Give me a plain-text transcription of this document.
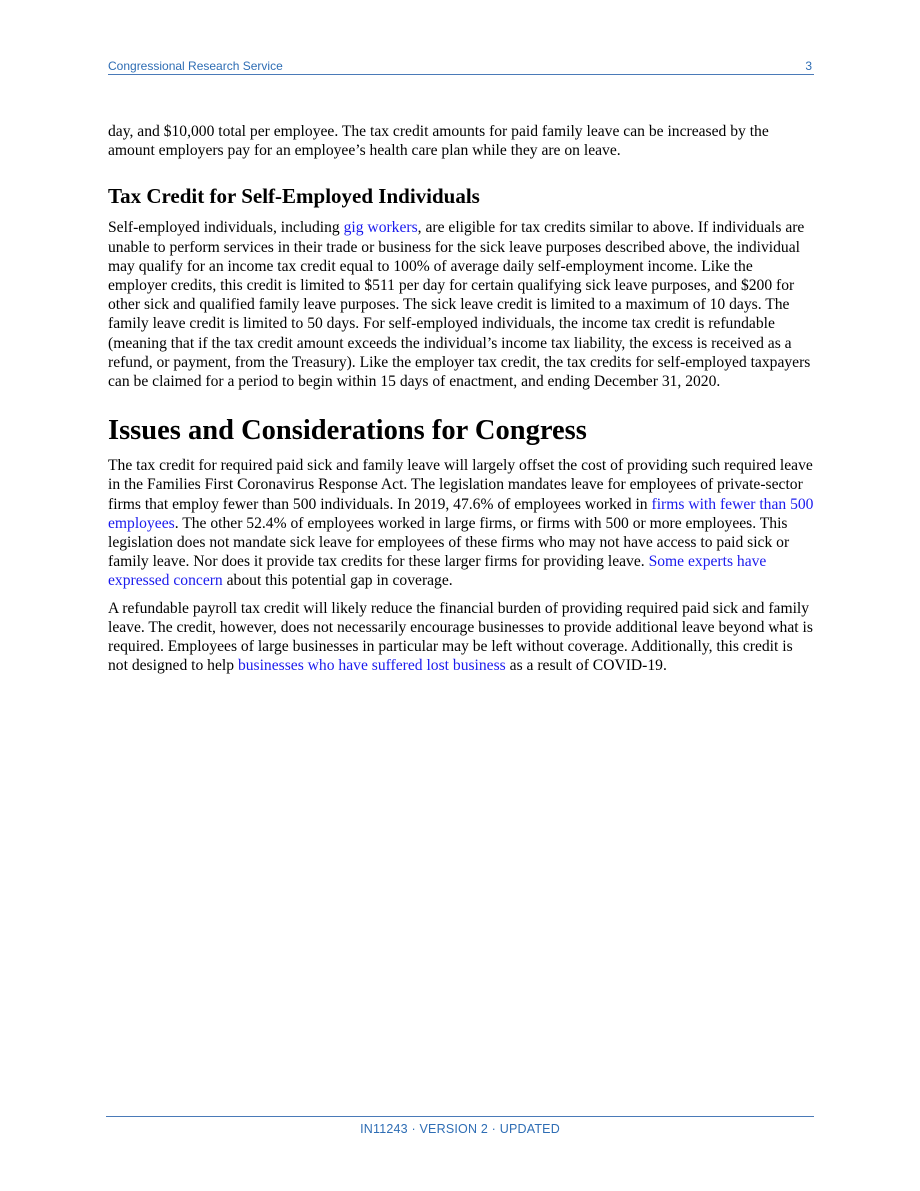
Congressional Research Service	3

day, and $10,000 total per employee. The tax credit amounts for paid family leave can be increased by the amount employers pay for an employee’s health care plan while they are on leave.

Tax Credit for Self-Employed Individuals

Self-employed individuals, including gig workers, are eligible for tax credits similar to above. If individuals are unable to perform services in their trade or business for the sick leave purposes described above, the individual may qualify for an income tax credit equal to 100% of average daily self-employment income. Like the employer credits, this credit is limited to $511 per day for certain qualifying sick leave purposes, and $200 for other sick and qualified family leave purposes. The sick leave credit is limited to a maximum of 10 days. The family leave credit is limited to 50 days. For self-employed individuals, the income tax credit is refundable (meaning that if the tax credit amount exceeds the individual’s income tax liability, the excess is received as a refund, or payment, from the Treasury). Like the employer tax credit, the tax credits for self-employed taxpayers can be claimed for a period to begin within 15 days of enactment, and ending December 31, 2020.

Issues and Considerations for Congress

The tax credit for required paid sick and family leave will largely offset the cost of providing such required leave in the Families First Coronavirus Response Act. The legislation mandates leave for employees of private-sector firms that employ fewer than 500 individuals. In 2019, 47.6% of employees worked in firms with fewer than 500 employees. The other 52.4% of employees worked in large firms, or firms with 500 or more employees. This legislation does not mandate sick leave for employees of these firms who may not have access to paid sick or family leave. Nor does it provide tax credits for these larger firms for providing leave. Some experts have expressed concern about this potential gap in coverage.

A refundable payroll tax credit will likely reduce the financial burden of providing required paid sick and family leave. The credit, however, does not necessarily encourage businesses to provide additional leave beyond what is required. Employees of large businesses in particular may be left without coverage. Additionally, this credit is not designed to help businesses who have suffered lost business as a result of COVID-19.

IN11243 · VERSION 2 · UPDATED
